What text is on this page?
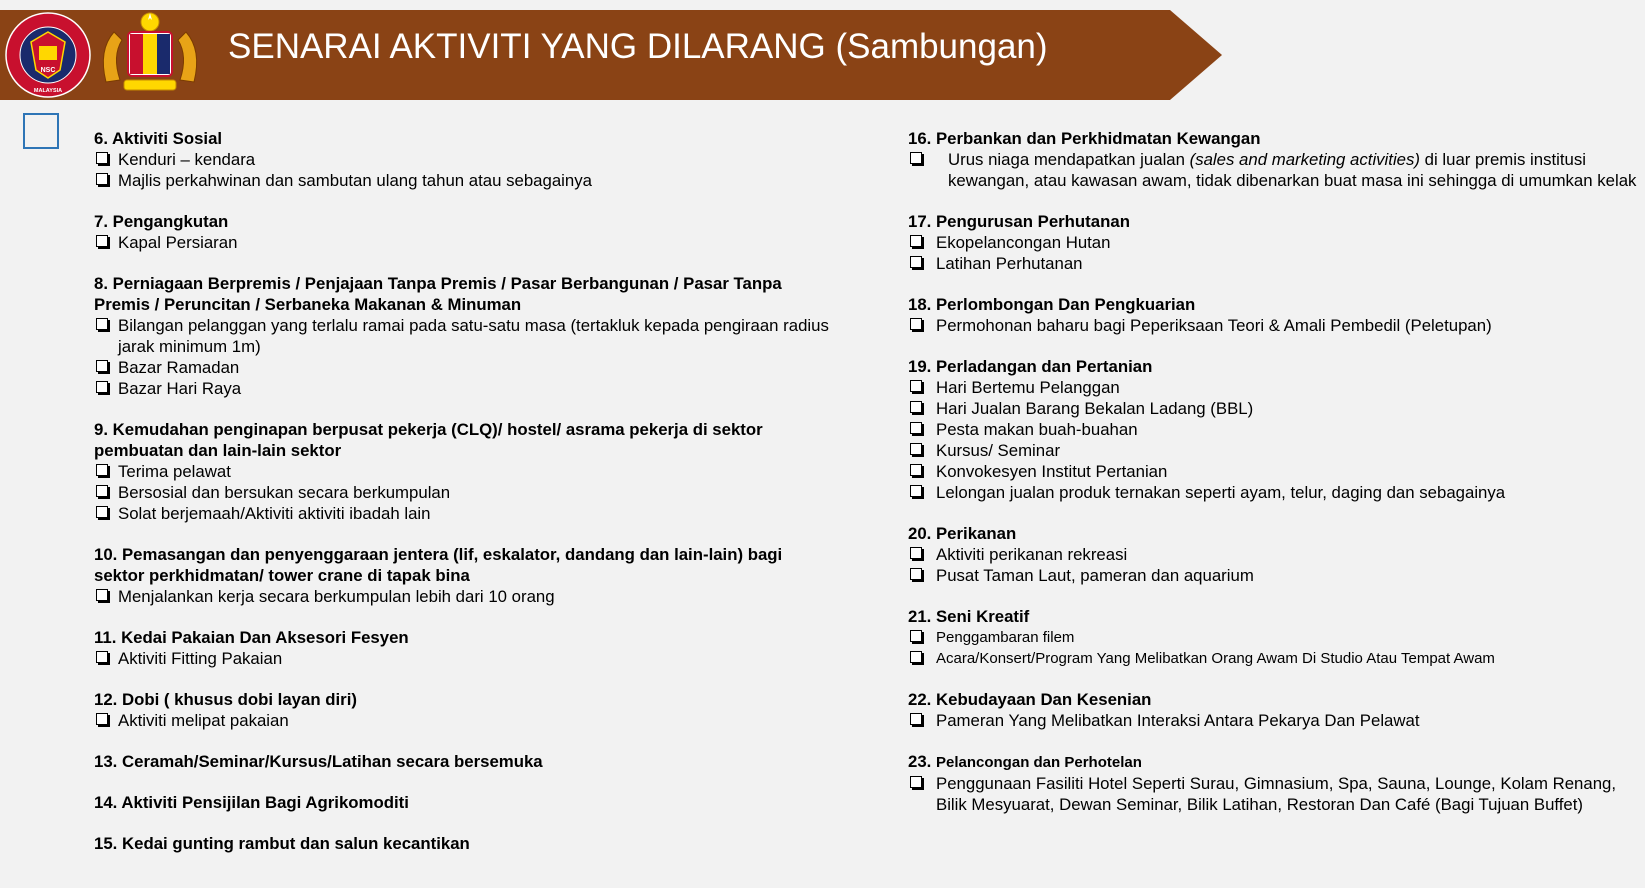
SENARAI AKTIVITI YANG DILARANG (Sambungan)
NSC
MALAYSIA
6. Aktiviti Sosial
Kenduri – kendara
Majlis perkahwinan dan sambutan ulang tahun atau sebagainya
7. Pengangkutan
Kapal Persiaran
8. Perniagaan Berpremis / Penjajaan Tanpa Premis / Pasar Berbangunan / Pasar Tanpa Premis / Peruncitan / Serbaneka Makanan & Minuman
Bilangan pelanggan yang terlalu ramai pada satu-satu masa (tertakluk kepada pengiraan radius jarak minimum 1m)
Bazar Ramadan
Bazar Hari Raya
9. Kemudahan penginapan berpusat pekerja (CLQ)/ hostel/ asrama pekerja di sektor pembuatan dan lain-lain sektor
Terima pelawat
Bersosial dan bersukan secara berkumpulan
Solat berjemaah/Aktiviti aktiviti ibadah lain
10. Pemasangan dan penyenggaraan jentera (lif, eskalator, dandang dan lain-lain) bagi sektor perkhidmatan/ tower crane di tapak bina
Menjalankan kerja secara berkumpulan lebih dari 10 orang
11. Kedai Pakaian Dan Aksesori Fesyen
Aktiviti Fitting Pakaian
12. Dobi ( khusus dobi layan diri)
Aktiviti melipat pakaian
13. Ceramah/Seminar/Kursus/Latihan secara bersemuka
14. Aktiviti Pensijilan Bagi Agrikomoditi
15. Kedai gunting rambut dan salun kecantikan
16. Perbankan dan Perkhidmatan Kewangan
Urus niaga mendapatkan jualan (sales and marketing activities) di luar premis institusi kewangan, atau kawasan awam, tidak dibenarkan buat masa ini sehingga di umumkan kelak
17. Pengurusan Perhutanan
Ekopelancongan Hutan
Latihan Perhutanan
18. Perlombongan Dan Pengkuarian
Permohonan baharu bagi Peperiksaan Teori & Amali Pembedil (Peletupan)
19. Perladangan dan Pertanian
Hari Bertemu Pelanggan
Hari Jualan Barang Bekalan Ladang (BBL)
Pesta makan buah-buahan
Kursus/ Seminar
Konvokesyen Institut Pertanian
Lelongan jualan produk ternakan seperti ayam, telur, daging dan sebagainya
20. Perikanan
Aktiviti perikanan rekreasi
Pusat Taman Laut, pameran dan aquarium
21. Seni Kreatif
Penggambaran filem
Acara/Konsert/Program Yang Melibatkan Orang Awam Di Studio Atau Tempat Awam
22. Kebudayaan Dan Kesenian
Pameran Yang Melibatkan Interaksi Antara Pekarya Dan Pelawat
23. Pelancongan dan Perhotelan
Penggunaan Fasiliti Hotel Seperti Surau, Gimnasium, Spa, Sauna, Lounge, Kolam Renang, Bilik Mesyuarat, Dewan Seminar, Bilik Latihan, Restoran Dan Café (Bagi Tujuan Buffet)
